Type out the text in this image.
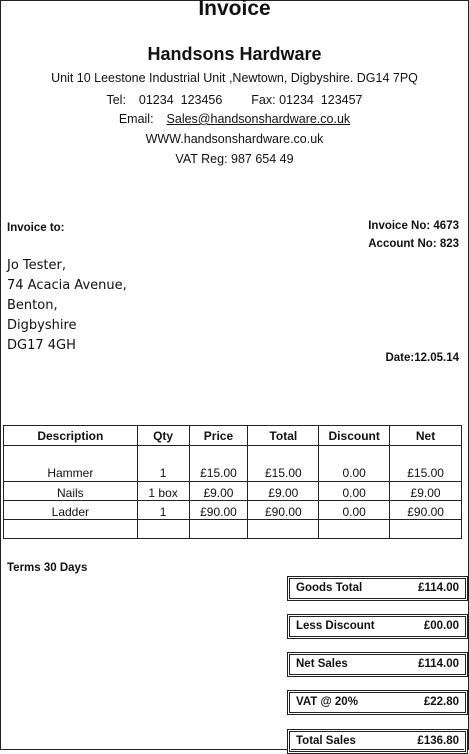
Invoice
Handsons Hardware
Unit 10 Leestone Industrial Unit ,Newtown, Digbyshire. DG14 7PQ
Tel: 01234  123456 Fax: 01234  123457
Email: Sales@handsonshardware.co.uk
WWW.handsonshardware.co.uk
VAT Reg: 987 654 49
Invoice to:	Invoice No: 4673
Account No: 823
Jo Tester,
74 Acacia Avenue,
Benton,
Digbyshire
DG17 4GH
Date:12.05.14
Description	Qty	Price	Total	Discount	Net
Hammer	1	£15.00	£15.00	0.00	£15.00
Nails	1 box	£9.00	£9.00	0.00	£9.00
Ladder	1	£90.00	£90.00	0.00	£90.00

Terms 30 Days
Goods Total	£114.00
Less Discount	£00.00
Net Sales	£114.00
VAT @ 20%	£22.80
Total Sales	£136.80
